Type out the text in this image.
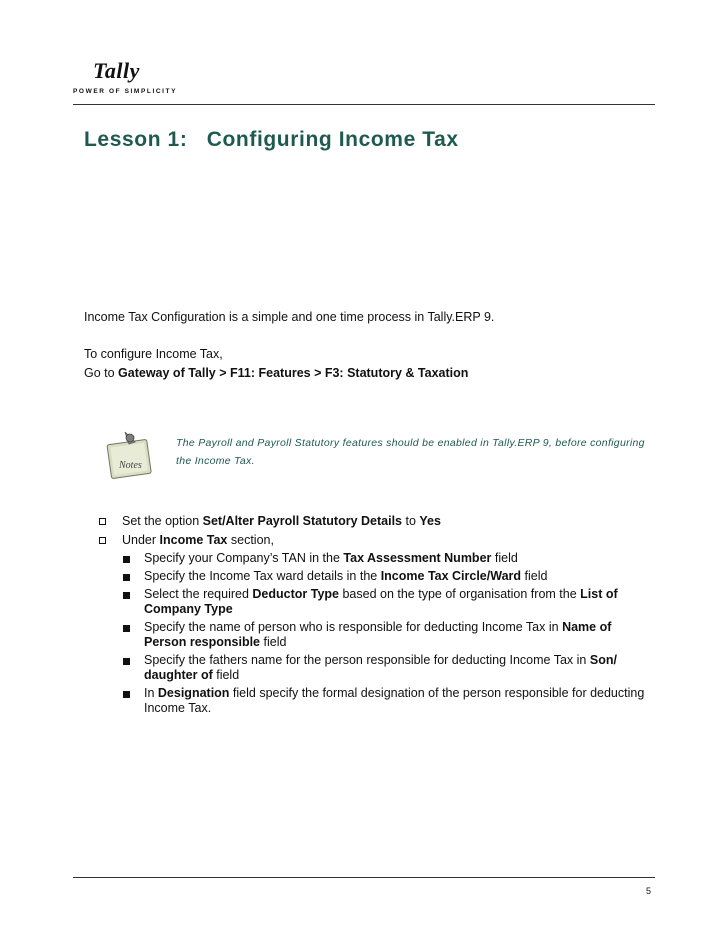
Tally
POWER OF SIMPLICITY
Lesson 1:   Configuring Income Tax
Income Tax Configuration is a simple and one time process in Tally.ERP 9.
To configure Income Tax,
Go to Gateway of Tally > F11: Features > F3: Statutory & Taxation
Notes
The Payroll and Payroll Statutory features should be enabled in Tally.ERP 9, before configuring the Income Tax.
Set the option Set/Alter Payroll Statutory Details to Yes
Under Income Tax section,
Specify your Company’s TAN in the Tax Assessment Number field
Specify the Income Tax ward details in the Income Tax Circle/Ward field
Select the required Deductor Type based on the type of organisation from the List of Company Type
Specify the name of person who is responsible for deducting Income Tax in Name of Person responsible field
Specify the fathers name for the person responsible for deducting Income Tax in Son/ daughter of field
In Designation field specify the formal designation of the person responsible for deducting Income Tax.
5
